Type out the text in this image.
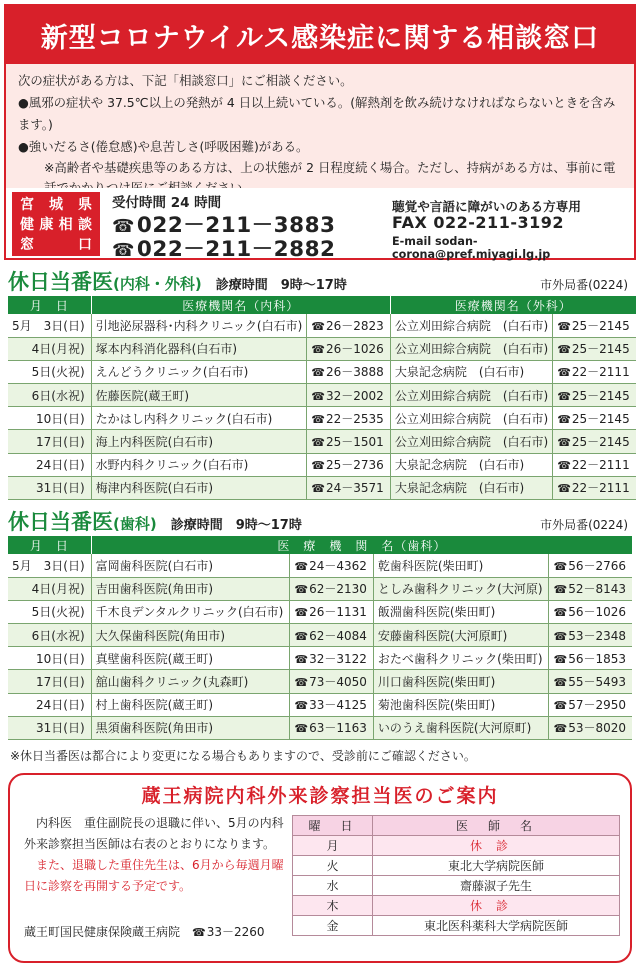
新型コロナウイルス感染症に関する相談窓口
次の症状がある方は、下記「相談窓口」にご相談ください。
●風邪の症状や 37.5℃以上の発熱が 4 日以上続いている。(解熱剤を飲み続けなければならないときを含みます。)
●強いだるさ(倦怠感)や息苦しさ(呼吸困難)がある。
※高齢者や基礎疾患等のある方は、上の状態が 2 日程度続く場合。ただし、持病がある方は、事前に電
宮城県
健康相談
窓口
受付時間 24 時間
☎022－211－3883
☎022－211－2882
聴覚や言語に障がいのある方専用
FAX 022-211-3192
E-mail sodan-corona@pref.miyagi.lg.jp
休日当番医(内科・外科) 診療時間　9時～17時	市外局番(0224)
月　日	医療機関名（内科）		医療機関名（外科）	
5月　3日(日)	引地泌尿器科･内科クリニック(白石市)	☎26－2823	公立刈田綜合病院　(白石市)	☎25－2145
4日(月祝)	塚本内科消化器科(白石市)	☎26－1026	公立刈田綜合病院　(白石市)	☎25－2145
5日(火祝)	えんどうクリニック(白石市)	☎26－3888	大泉記念病院　(白石市)	☎22－2111
6日(水祝)	佐藤医院(蔵王町)	☎32－2002	公立刈田綜合病院　(白石市)	☎25－2145
10日(日)	たかはし内科クリニック(白石市)	☎22－2535	公立刈田綜合病院　(白石市)	☎25－2145
17日(日)	海上内科医院(白石市)	☎25－1501	公立刈田綜合病院　(白石市)	☎25－2145
24日(日)	水野内科クリニック(白石市)	☎25－2736	大泉記念病院　(白石市)	☎22－2111
31日(日)	梅津内科医院(白石市)	☎24－3571	大泉記念病院　(白石市)	☎22－2111
休日当番医(歯科) 診療時間　9時～17時	市外局番(0224)
月　日	医　療　機　関　名（歯科）			
5月　3日(日)	富岡歯科医院(白石市)	☎24－4362	乾歯科医院(柴田町)	☎56－2766
4日(月祝)	吉田歯科医院(角田市)	☎62－2130	としみ歯科クリニック(大河原)	☎52－8143
5日(火祝)	千木良デンタルクリニック(白石市)	☎26－1131	飯淵歯科医院(柴田町)	☎56－1026
6日(水祝)	大久保歯科医院(角田市)	☎62－4084	安藤歯科医院(大河原町)	☎53－2348
10日(日)	真壁歯科医院(蔵王町)	☎32－3122	おたべ歯科クリニック(柴田町)	☎56－1853
17日(日)	舘山歯科クリニック(丸森町)	☎73－4050	川口歯科医院(柴田町)	☎55－5493
24日(日)	村上歯科医院(蔵王町)	☎33－4125	菊池歯科医院(柴田町)	☎57－2950
31日(日)	黒須歯科医院(角田市)	☎63－1163	いのうえ歯科医院(大河原町)	☎53－8020
※休日当番医は都合により変更になる場合もありますので、受診前にご確認ください。
蔵王病院内科外来診察担当医のご案内
内科医　重住副院長の退職に伴い、5月の内科外来診察担当医師は右表のとおりになります。
また、退職した重住先生は、6月から毎週月曜日に診察を再開する予定です。
蔵王町国民健康保険蔵王病院　 ☎33－2260
曜　日	医　師　名
月	休診
火	東北大学病院医師
水	齋藤淑子先生
木	休診
金	東北医科薬科大学病院医師
